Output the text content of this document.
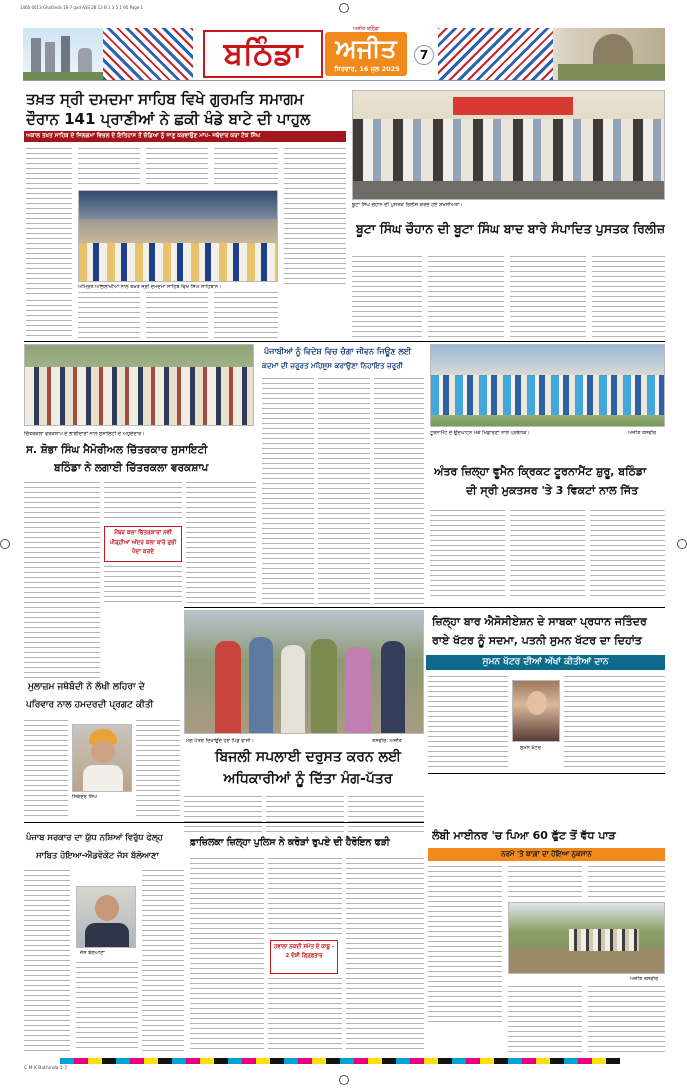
1460 0013 Gha0inds 16-7 qxd ASS 28 13 B 1 3 5 1 95 Page 1
ਬਠਿੰਡਾ	ਅਜੀਤ
ਅਜੀਤ ਬਠਿੰਡਾ
ਸਿਰਵਾਰ, 16 ਜੁਲ 2025
7
ਤਖ਼ਤ ਸ੍ਰੀ ਦਮਦਮਾ ਸਾਹਿਬ ਵਿਖੇ ਗੁਰਮਤਿ ਸਮਾਗਮ
ਦੌਰਾਨ 141 ਪ੍ਰਾਣੀਆਂ ਨੇ ਛਕੀ ਖੰਡੇ ਬਾਟੇ ਦੀ ਪਾਹੁਲ
ਅਕਾਲ ਤਖ਼ਤ ਸਾਹਿਬ ਦੇ ਜਿਲਗਮਾ ਵਿਚਲ ਦੇ ਇਤਿਹਾਸ ਤੋਂ ਚੰਡਿਆਂ ਨੂੰ ਜਾਣੂ ਕਰਵਾਉਣ ਮਾਂਪ- ਜਥੇਦਾਰ ਕਰਾ ਟੇਕ ਸਿੰਘ
ਅੰਮ੍ਰਿਤ ਅਭਿਲਾਖੀਆਂ ਨਾਲ ਤਖ਼ਤ ਸ੍ਰੀ ਦਮਦਮਾ ਸਾਹਿਬ ਵਿਖੇ ਸਿੰਘ ਸਾਹਿਬਾਨ।
ਬੂਟਾ ਸਿੰਘ ਚੌਹਾਨ ਦੀ ਪੁਸਤਕ ਰਿਲੀਜ਼ ਕਰਦੇ ਹੋਏ ਸ਼ਖ਼ਸੀਅਤਾਂ।
ਬੂਟਾ ਸਿੰਘ ਚੌਹਾਨ ਦੀ ਬੂਟਾ ਸਿੰਘ ਬਾਦ ਬਾਰੇ ਸੰਪਾਦਿਤ ਪੁਸਤਕ ਰਿਲੀਜ਼
ਚਿੱਤਰਕਲਾ ਵਰਕਸ਼ਾਪ ਦੇ ਭਾਗੀਦਾਰਾਂ ਨਾਲ ਸੁਸਾਇਟੀ ਦੇ ਅਹੁਦੇਦਾਰ।
ਸ. ਸ਼ੋਭਾ ਸਿੰਘ ਮੈਮੋਰੀਅਲ ਚਿੱਤਰਕਾਰ ਸੁਸਾਇਟੀ
ਬਠਿੰਡਾ ਨੇ ਲਗਾਈ ਚਿੱਤਰਕਲਾ ਵਰਕਸ਼ਾਪ
ਮੈਂਬਰ ਕਲਾ ਚਿੱਤਰਕਾਰਾਂ ਨਵੀਂ ਪੀੜ੍ਹੀਆਂ ਅੰਦਰ ਕਲਾ ਬਾਰੇ ਰੁਚੀ ਪੈਦਾ ਕਰਦੇ
ਪੰਜਾਬੀਆਂ ਨੂੰ ਵਿਦੇਸ਼ ਵਿਚ ਚੰਗਾ ਜੀਵਨ ਜਿਊਣ ਲਈ
ਕਦਮਾਂ ਦੀ ਜ਼ਰੂਰਤ ਮਹਿਸੂਸ ਕਰਾਉਣਾ ਨਿਹਾਇਤ ਜ਼ਰੂਰੀ
ਟੂਰਨਾਮੈਂਟ ਦੇ ਉਦਘਾਟਨ ਮੌਕੇ ਖਿਡਾਰਣਾਂ ਨਾਲ ਪ੍ਰਬੰਧਕ।	ਅਜੀਤ ਤਸਵੀਰ
ਅੰਤਰ ਜ਼ਿਲ੍ਹਾ ਵੂਮੈਨ ਕ੍ਰਿਕਟ ਟੂਰਨਾਮੈਂਟ ਸ਼ੁਰੂ, ਬਠਿੰਡਾ
ਦੀ ਸ੍ਰੀ ਮੁਕਤਸਰ 'ਤੇ 3 ਵਿਕਟਾਂ ਨਾਲ ਜਿੱਤ
ਮੰਗ ਪੱਤਰ ਦਿਖਾਉਂਦੇ ਹੋਏ ਪਿੰਡ ਵਾਸੀ।	ਤਸਵੀਰ: ਅਜੀਤ
ਜ਼ਿਲ੍ਹਾ ਬਾਰ ਐਸੋਸੀਏਸ਼ਨ ਦੇ ਸਾਬਕਾ ਪ੍ਰਧਾਨ ਜਤਿੰਦਰ
ਰਾਏ ਖੱਟਰ ਨੂੰ ਸਦਮਾ, ਪਤਨੀ ਸੁਮਨ ਖੱਟਰ ਦਾ ਦਿਹਾਂਤ
ਸੁਮਨ ਖੱਟਰ ਦੀਆਂ ਅੱਖਾਂ ਕੀਤੀਆਂ ਦਾਨ
ਸੁਮਨ ਖੱਟਰ
ਮੁਲਾਜ਼ਮ ਜਥੇਬੰਦੀ ਨੇ ਲੱਖੀ ਲਹਿਰਾ ਦੇ
ਪਰਿਵਾਰ ਨਾਲ ਹਮਦਰਦੀ ਪ੍ਰਗਟ ਕੀਤੀ
ਸਿਕੰਦਰ ਸਿੰਘ
ਬਿਜਲੀ ਸਪਲਾਈ ਦਰੁਸਤ ਕਰਨ ਲਈ
ਅਧਿਕਾਰੀਆਂ ਨੂੰ ਦਿੱਤਾ ਮੰਗ-ਪੱਤਰ
ਲੰਬੀ ਮਾਈਨਰ 'ਚ ਪਿਆ 60 ਫੁੱਟ ਤੋਂ ਵੱਧ ਪਾੜ
ਨਰਮੇ 'ਤੇ ਬਾਗ਼ਾਂ ਦਾ ਹੋਇਆ ਨੁਕਸਾਨ
ਅਜੀਤ ਤਸਵੀਰ
ਪੰਜਾਬ ਸਰਕਾਰ ਦਾ ਯੁੱਧ ਨਸ਼ਿਆਂ ਵਿਰੁੱਧ ਫੇਲ੍ਹ
ਸਾਬਿਤ ਹੋਇਆ-ਐਡਵੋਕੇਟ ਜੱਸ ਬੱਲੋਆਣਾ
ਜੱਸ ਬੱਲੋਆਣਾ
ਫ਼ਾਜ਼ਿਲਕਾ ਜ਼ਿਲ੍ਹਾ ਪੁਲਿਸ ਨੇ ਕਰੋੜਾਂ ਰੁਪਏ ਦੀ ਹੈਰੋਇਨ ਫੜੀ
ਹਵਾਲਾ ਨਕਦੀ ਸਮੇਤ ਦੋ ਕਾਬੂ - 2 ਦੋਸ਼ੀ ਗ੍ਰਿਫ਼ਤਾਰ
C M K Bathinda 1-7
